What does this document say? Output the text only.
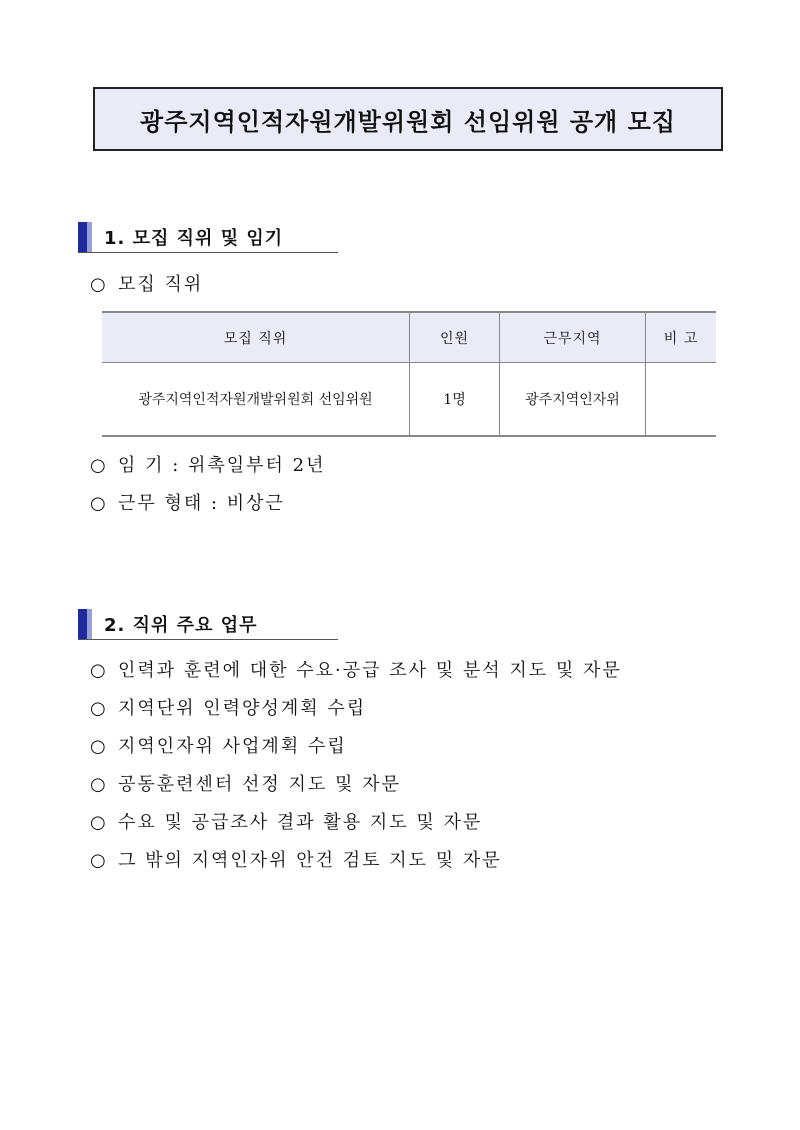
광주지역인적자원개발위원회 선임위원 공개 모집
1. 모집 직위 및 임기
○ 모집 직위
모집 직위	인원	근무지역	비 고
광주지역인적자원개발위원회 선임위원	1명	광주지역인자위	
○ 임 기 : 위촉일부터 2년
○ 근무 형태 : 비상근
2. 직위 주요 업무
○ 인력과 훈련에 대한 수요·공급 조사 및 분석 지도 및 자문
○ 지역단위 인력양성계획 수립
○ 지역인자위 사업계획 수립
○ 공동훈련센터 선정 지도 및 자문
○ 수요 및 공급조사 결과 활용 지도 및 자문
○ 그 밖의 지역인자위 안건 검토 지도 및 자문
